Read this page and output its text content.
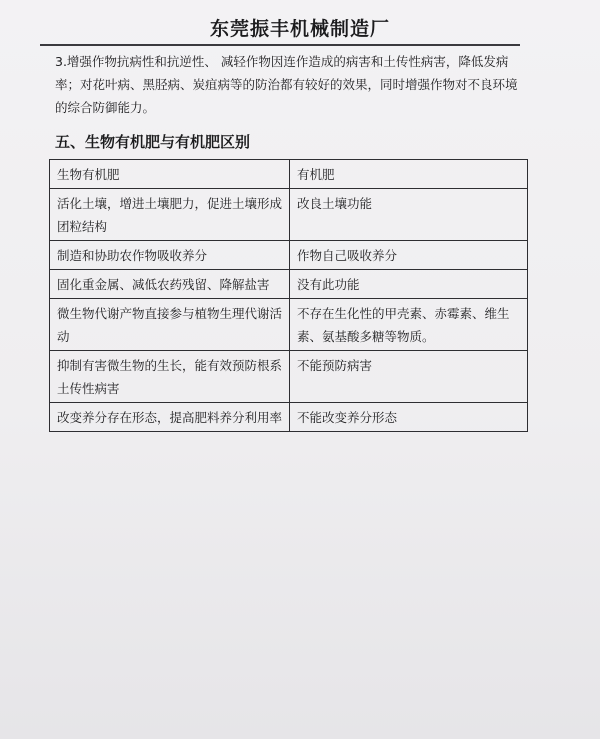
东莞振丰机械制造厂
3.增强作物抗病性和抗逆性、 减轻作物因连作造成的病害和土传性病害，降低发病率；对花叶病、黑胫病、炭疽病等的防治都有较好的效果，同时增强作物对不良环境的综合防御能力。
五、生物有机肥与有机肥区别
生物有机肥	有机肥
活化土壤，增进土壤肥力，促进土壤形成团粒结构	改良土壤功能
制造和协助农作物吸收养分	作物自己吸收养分
固化重金属、减低农药残留、降解盐害	没有此功能
微生物代谢产物直接参与植物生理代谢活动	不存在生化性的甲壳素、赤霉素、维生素、氨基酸多糖等物质。
抑制有害微生物的生长，能有效预防根系土传性病害	不能预防病害
改变养分存在形态，提高肥料养分利用率	不能改变养分形态
